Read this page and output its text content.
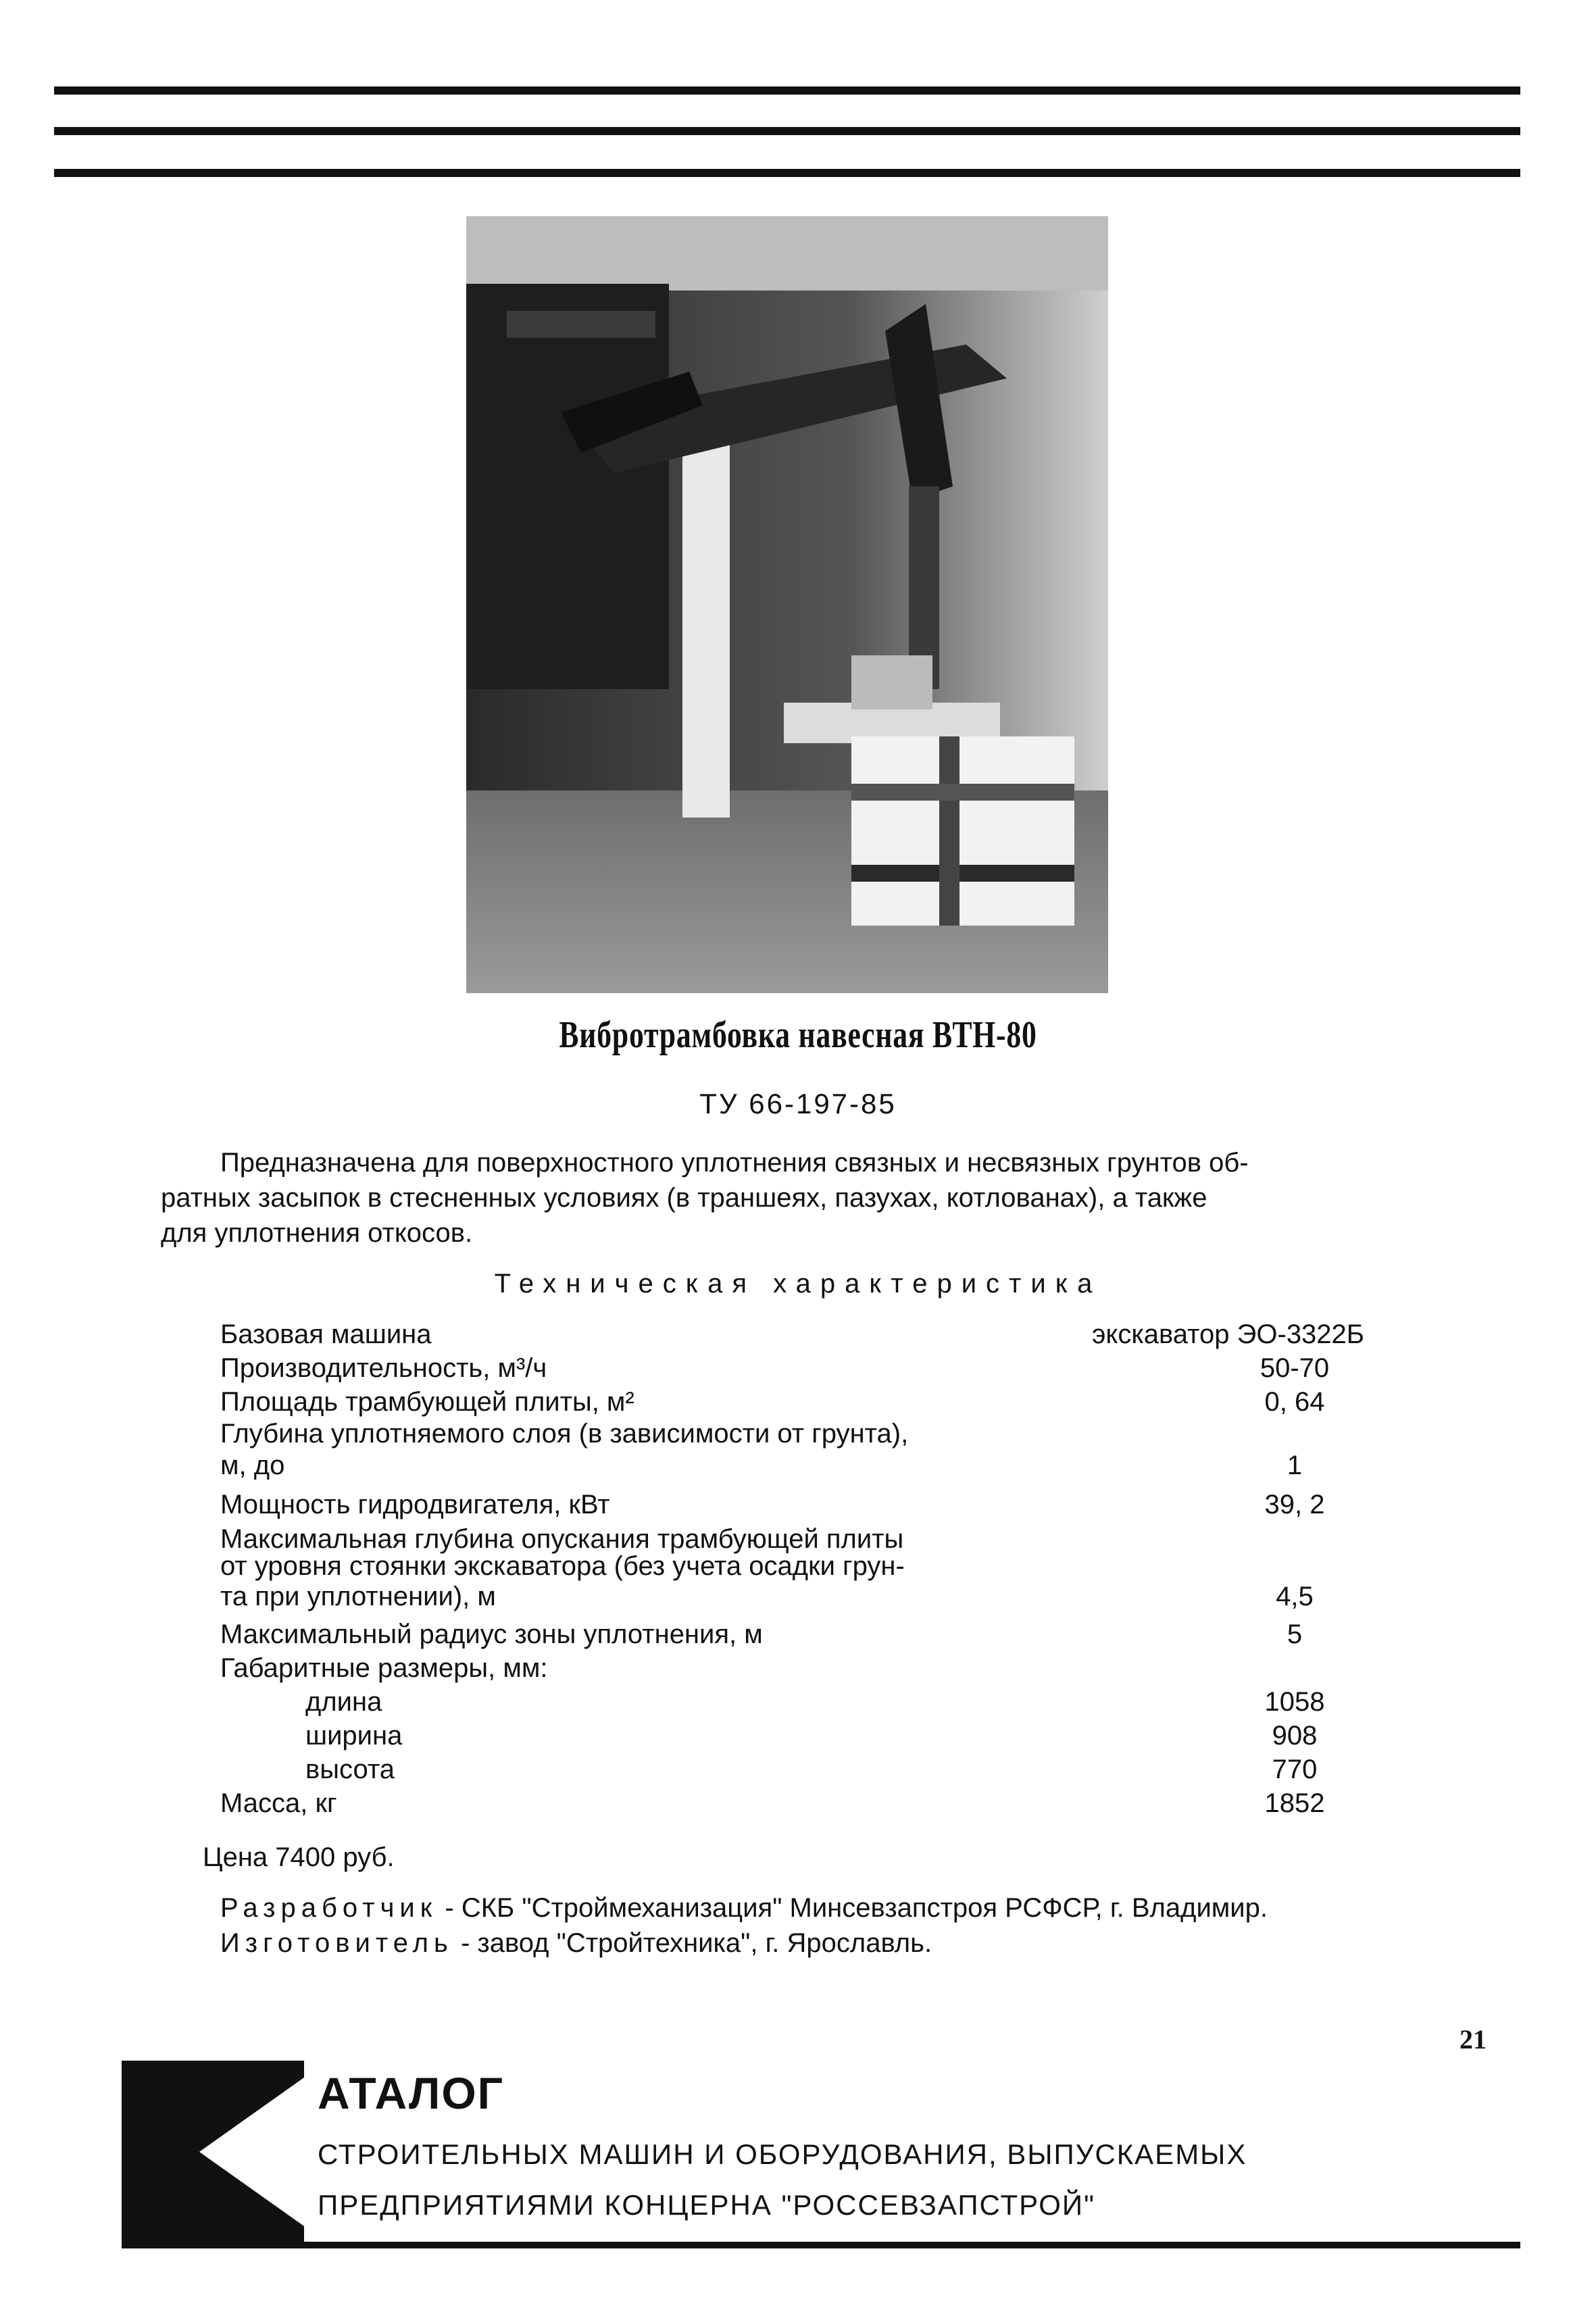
Вибротрамбовка навесная ВТН-80
ТУ 66-197-85
Предназначена для поверхностного уплотнения связных и несвязных грунтов об-
ратных засыпок в стесненных условиях (в траншеях, пазухах, котлованах), а также
для уплотнения откосов.
Техническая характеристика
Базовая машина . . .	экскаватор ЭО-3322Б
Производительность, м³/ч . . .	50-70
Площадь трамбующей плиты, м² . . .	0, 64
Глубина уплотняемого слоя (в зависимости от грунта),
м, до . . .	1
Мощность гидродвигателя, кВт . . .	39, 2
Максимальная глубина опускания трамбующей плиты
от уровня стоянки экскаватора (без учета осадки грун-
та при уплотнении), м . . .	4,5
Максимальный радиус зоны уплотнения, м . . .	5
Габаритные размеры, мм:
длина . . .	1058
ширина . . .	908
высота . . .	770
Масса, кг . . .	1852
Цена 7400 руб.
Разработчик - СКБ "Строймеханизация" Минсевзапстроя РСФСР, г. Владимир.
Изготовитель - завод "Стройтехника", г. Ярославль.
21
АТАЛОГ
СТРОИТЕЛЬНЫХ МАШИН И ОБОРУДОВАНИЯ, ВЫПУСКАЕМЫХ
ПРЕДПРИЯТИЯМИ КОНЦЕРНА "РОССЕВЗАПСТРОЙ"
